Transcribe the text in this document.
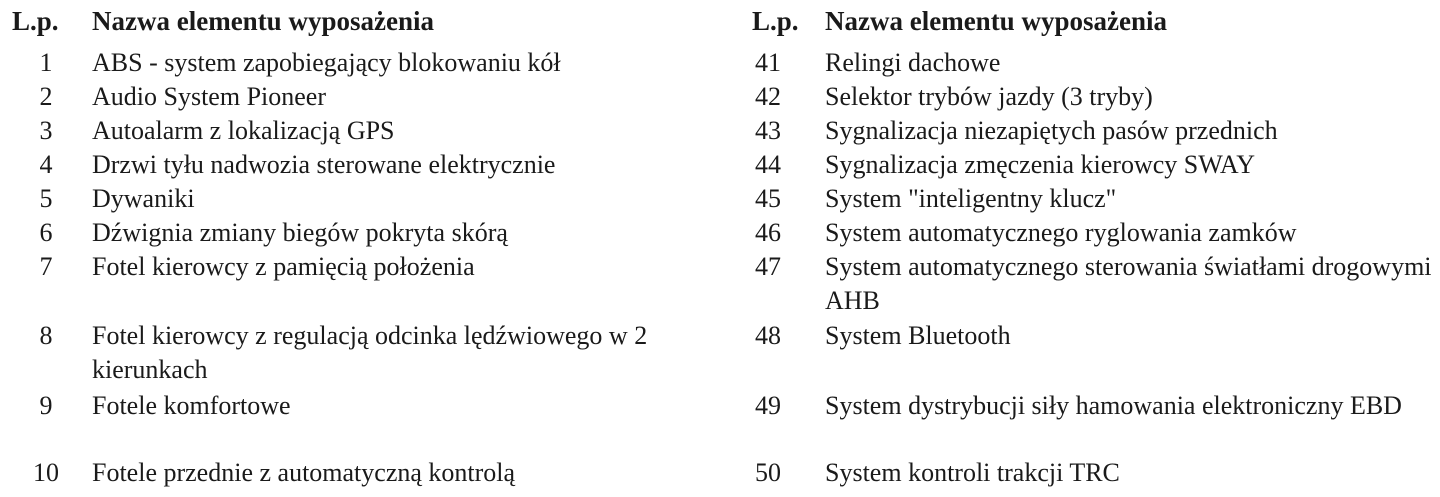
L.p. Nazwa elementu wyposażenia
1	ABS - system zapobiegający blokowaniu kół
2	Audio System Pioneer
3	Autoalarm z lokalizacją GPS
4	Drzwi tyłu nadwozia sterowane elektrycznie
5	Dywaniki
6	Dźwignia zmiany biegów pokryta skórą
7	Fotel kierowcy z pamięcią położenia
8	Fotel kierowcy z regulacją odcinka lędźwiowego w 2 kierunkach
9	Fotele komfortowe
10 Fotele przednie z automatyczną kontrolą
L.p. Nazwa elementu wyposażenia
41 Relingi dachowe
42 Selektor trybów jazdy (3 tryby)
43 Sygnalizacja niezapiętych pasów przednich
44 Sygnalizacja zmęczenia kierowcy SWAY
45 System "inteligentny klucz"
46 System automatycznego ryglowania zamków
47 System automatycznego sterowania światłami drogowymi AHB
48 System Bluetooth
49 System dystrybucji siły hamowania elektroniczny EBD
50 System kontroli trakcji TRC
